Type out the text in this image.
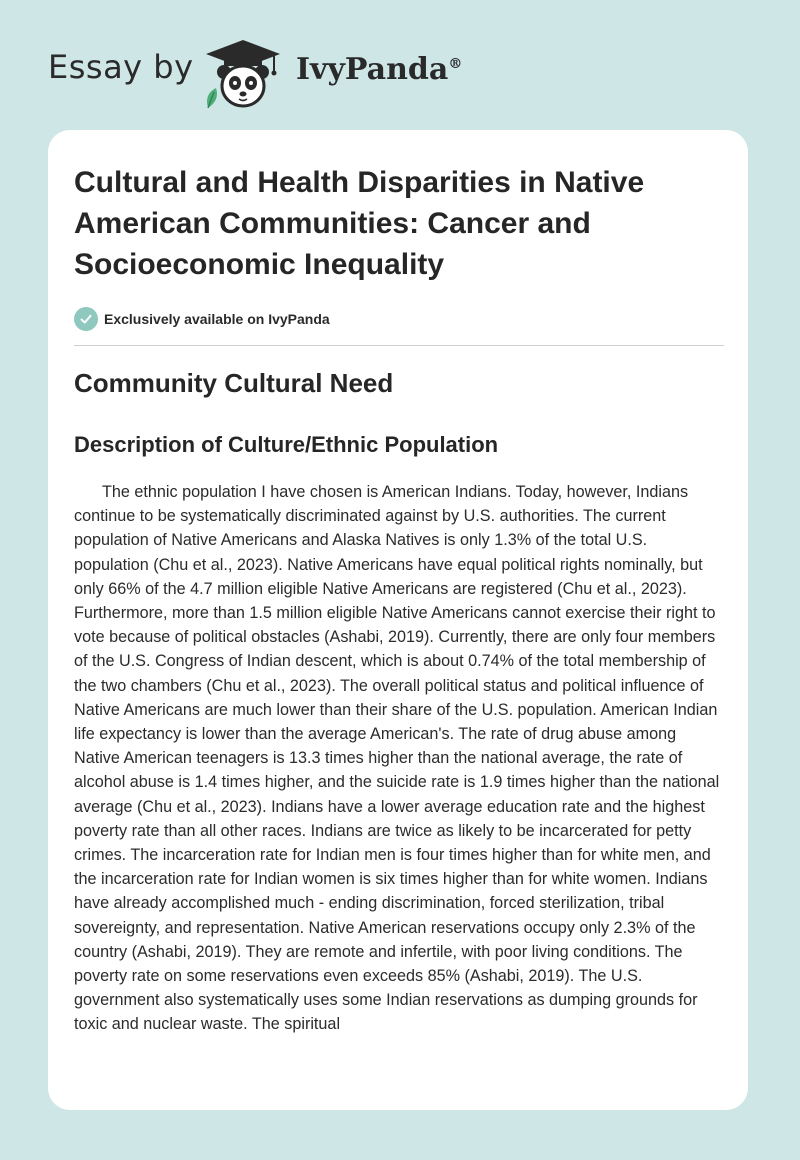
Essay by	IvyPanda®
Cultural and Health Disparities in Native American Communities: Cancer and Socioeconomic Inequality
Exclusively available on IvyPanda
Community Cultural Need
Description of Culture/Ethnic Population

The ethnic population I have chosen is American Indians. Today, however, Indians continue to be systematically discriminated against by U.S. authorities. The current population of Native Americans and Alaska Natives is only 1.3% of the total U.S. population (Chu et al., 2023). Native Americans have equal political rights nominally, but only 66% of the 4.7 million eligible Native Americans are registered (Chu et al., 2023). Furthermore, more than 1.5 million eligible Native Americans cannot exercise their right to vote because of political obstacles (Ashabi, 2019). Currently, there are only four members of the U.S. Congress of Indian descent, which is about 0.74% of the total membership of the two chambers (Chu et al., 2023). The overall political status and political influence of Native Americans are much lower than their share of the U.S. population. American Indian life expectancy is lower than the average American's. The rate of drug abuse among Native American teenagers is 13.3 times higher than the national average, the rate of alcohol abuse is 1.4 times higher, and the suicide rate is 1.9 times higher than the national average (Chu et al., 2023). Indians have a lower average education rate and the highest poverty rate than all other races. Indians are twice as likely to be incarcerated for petty crimes. The incarceration rate for Indian men is four times higher than for white men, and the incarceration rate for Indian women is six times higher than for white women. Indians have already accomplished much - ending discrimination, forced sterilization, tribal sovereignty, and representation. Native American reservations occupy only 2.3% of the country (Ashabi, 2019). They are remote and infertile, with poor living conditions. The poverty rate on some reservations even exceeds 85% (Ashabi, 2019). The U.S. government also systematically uses some Indian reservations as dumping grounds for toxic and nuclear waste. The spiritual
